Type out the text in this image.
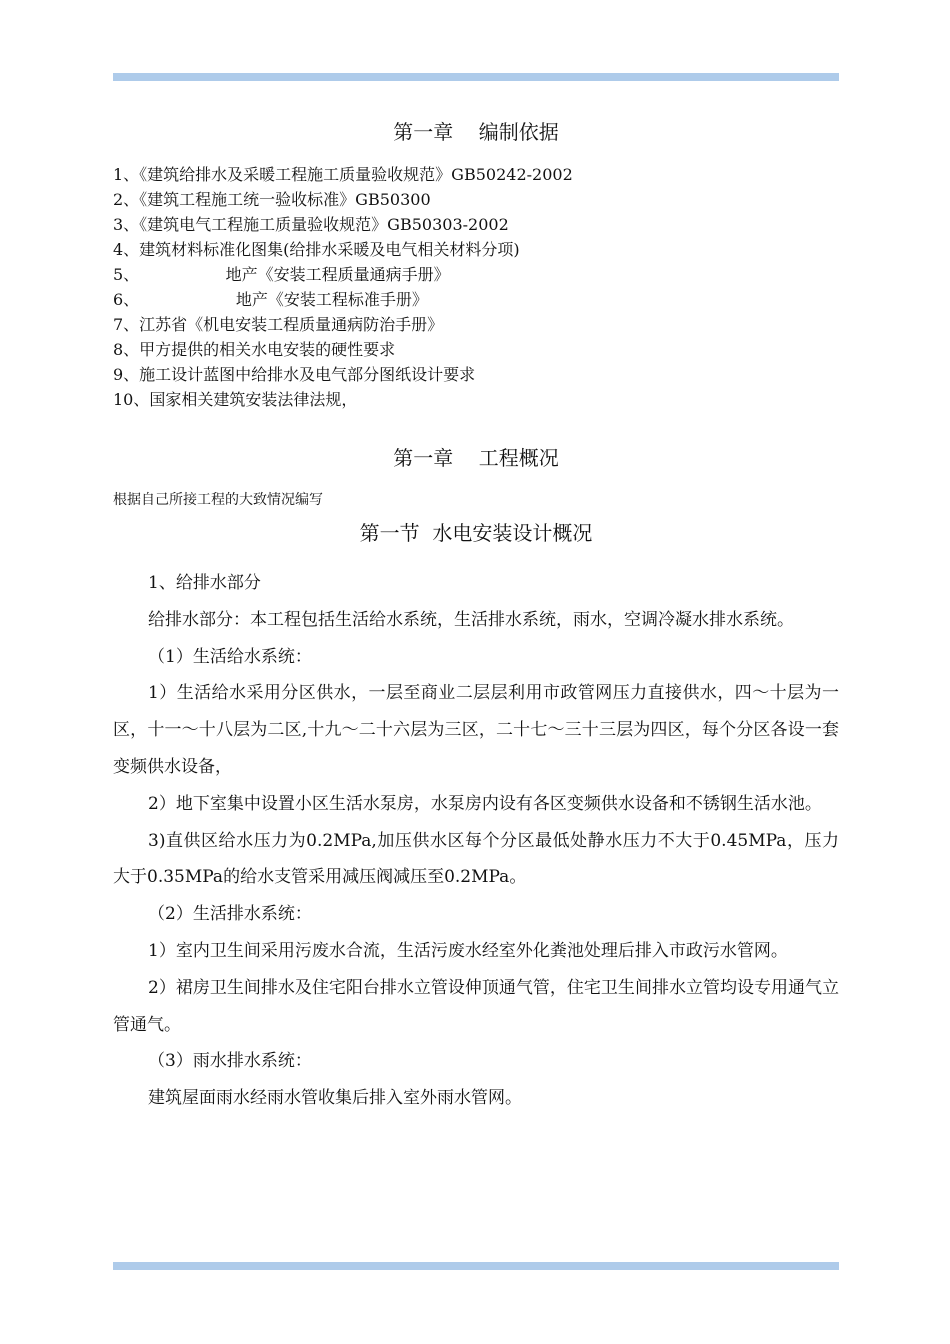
第一章    编制依据
1、《建筑给排水及采暖工程施工质量验收规范》GB50242-2002
2、《建筑工程施工统一验收标准》GB50300
3、《建筑电气工程施工质量验收规范》GB50303-2002
4、建筑材料标准化图集(给排水采暖及电气相关材料分项)
5、                 地产《安装工程质量通病手册》
6、                   地产《安装工程标准手册》
7、江苏省《机电安装工程质量通病防治手册》
8、甲方提供的相关水电安装的硬性要求
9、施工设计蓝图中给排水及电气部分图纸设计要求
10、国家相关建筑安装法律法规，
第一章    工程概况
根据自己所接工程的大致情况编写
第一节  水电安装设计概况

1、给排水部分

给排水部分：本工程包括生活给水系统，生活排水系统，雨水，空调冷凝水排水系统。

（1）生活给水系统：

1）生活给水采用分区供水，一层至商业二层层利用市政管网压力直接供水，四～十层为一区，十一～十八层为二区,十九～二十六层为三区，二十七～三十三层为四区，每个分区各设一套变频供水设备，

2）地下室集中设置小区生活水泵房，水泵房内设有各区变频供水设备和不锈钢生活水池。

3)直供区给水压力为0.2MPa,加压供水区每个分区最低处静水压力不大于0.45MPa，压力大于0.35MPa的给水支管采用减压阀减压至0.2MPa。

（2）生活排水系统：

1）室内卫生间采用污废水合流，生活污废水经室外化粪池处理后排入市政污水管网。

2）裙房卫生间排水及住宅阳台排水立管设伸顶通气管，住宅卫生间排水立管均设专用通气立管通气。

（3）雨水排水系统：

建筑屋面雨水经雨水管收集后排入室外雨水管网。
